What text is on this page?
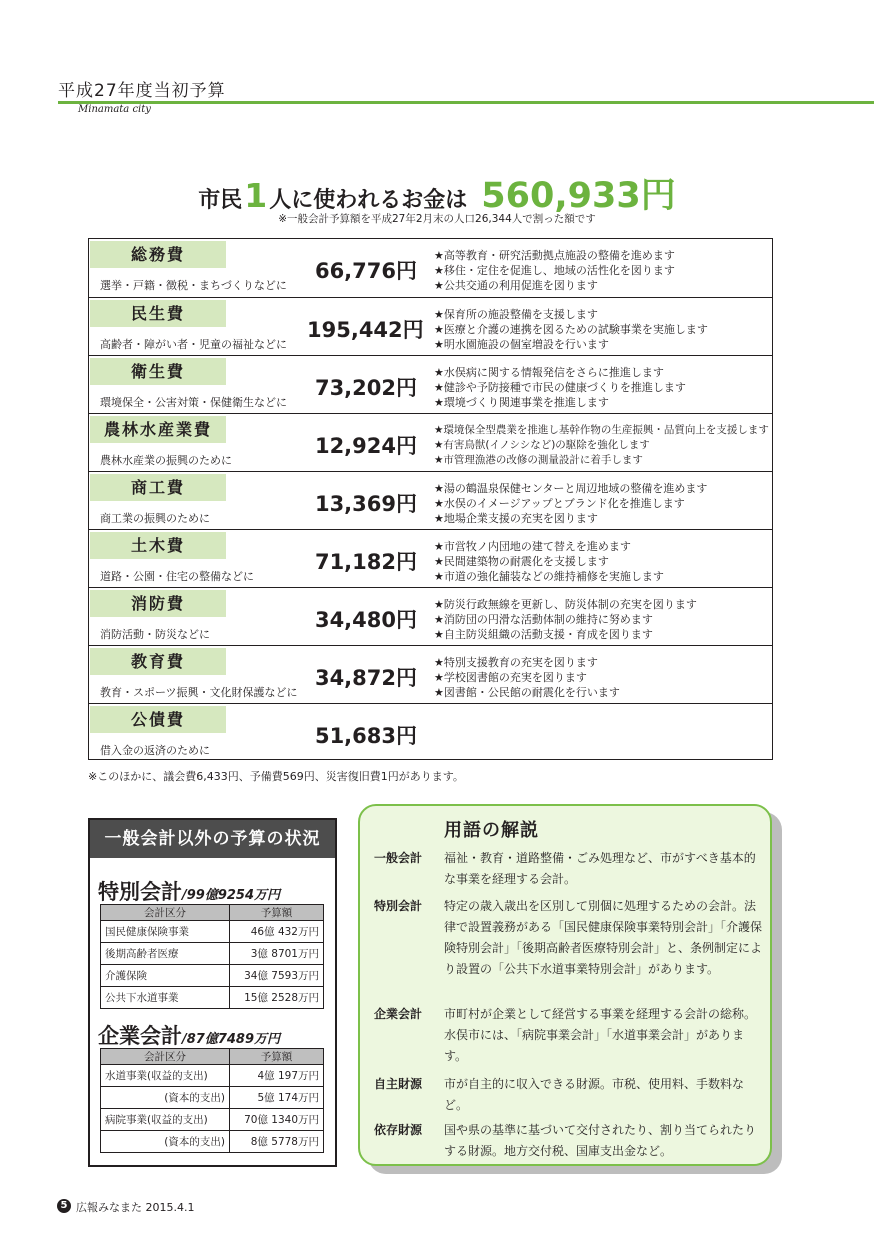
平成27年度当初予算
Minamata city
市民1人に使われるお金は 560,933円
※一般会計予算額を平成27年2月末の人口26,344人で割った額です
総務費
選挙・戸籍・徴税・まちづくりなどに
66,776円
★高等教育・研究活動拠点施設の整備を進めます
★移住・定住を促進し、地域の活性化を図ります
★公共交通の利用促進を図ります
民生費
高齢者・障がい者・児童の福祉などに
195,442円
★保育所の施設整備を支援します
★医療と介護の連携を図るための試験事業を実施します
★明水園施設の個室増設を行います
衛生費
環境保全・公害対策・保健衛生などに
73,202円
★水俣病に関する情報発信をさらに推進します
★健診や予防接種で市民の健康づくりを推進します
★環境づくり関連事業を推進します
農林水産業費
農林水産業の振興のために
12,924円
★環境保全型農業を推進し基幹作物の生産振興・品質向上を支援します
★有害鳥獣(イノシシなど)の駆除を強化します
★市管理漁港の改修の測量設計に着手します
商工費
商工業の振興のために
13,369円
★湯の鶴温泉保健センターと周辺地域の整備を進めます
★水俣のイメージアップとブランド化を推進します
★地場企業支援の充実を図ります
土木費
道路・公園・住宅の整備などに
71,182円
★市営牧ノ内団地の建て替えを進めます
★民間建築物の耐震化を支援します
★市道の強化舗装などの維持補修を実施します
消防費
消防活動・防災などに
34,480円
★防災行政無線を更新し、防災体制の充実を図ります
★消防団の円滑な活動体制の維持に努めます
★自主防災組織の活動支援・育成を図ります
教育費
教育・スポーツ振興・文化財保護などに
34,872円
★特別支援教育の充実を図ります
★学校図書館の充実を図ります
★図書館・公民館の耐震化を行います
公債費
借入金の返済のために
51,683円
※このほかに、議会費6,433円、予備費569円、災害復旧費1円があります。
一般会計以外の予算の状況
特別会計/99億9254万円
会計区分	予算額
国民健康保険事業	46億 432万円
後期高齢者医療	3億 8701万円
介護保険	34億 7593万円
公共下水道事業	15億 2528万円
企業会計/87億7489万円
会計区分	予算額
水道事業(収益的支出)	4億 197万円
(資本的支出)	5億 174万円
病院事業(収益的支出)	70億 1340万円
(資本的支出)	8億 5778万円
用語の解説
一般会計	福祉・教育・道路整備・ごみ処理など、市がすべき基本的な事業を経理する会計。
特別会計	特定の歳入歳出を区別して別個に処理するための会計。法律で設置義務がある「国民健康保険事業特別会計」「介護保険特別会計」「後期高齢者医療特別会計」と、条例制定により設置の「公共下水道事業特別会計」があります。
企業会計	市町村が企業として経営する事業を経理する会計の総称。水俣市には、「病院事業会計」「水道事業会計」があります。
自主財源	市が自主的に収入できる財源。市税、使用料、手数料など。
依存財源	国や県の基準に基づいて交付されたり、割り当てられたりする財源。地方交付税、国庫支出金など。
5 広報みなまた 2015.4.1
